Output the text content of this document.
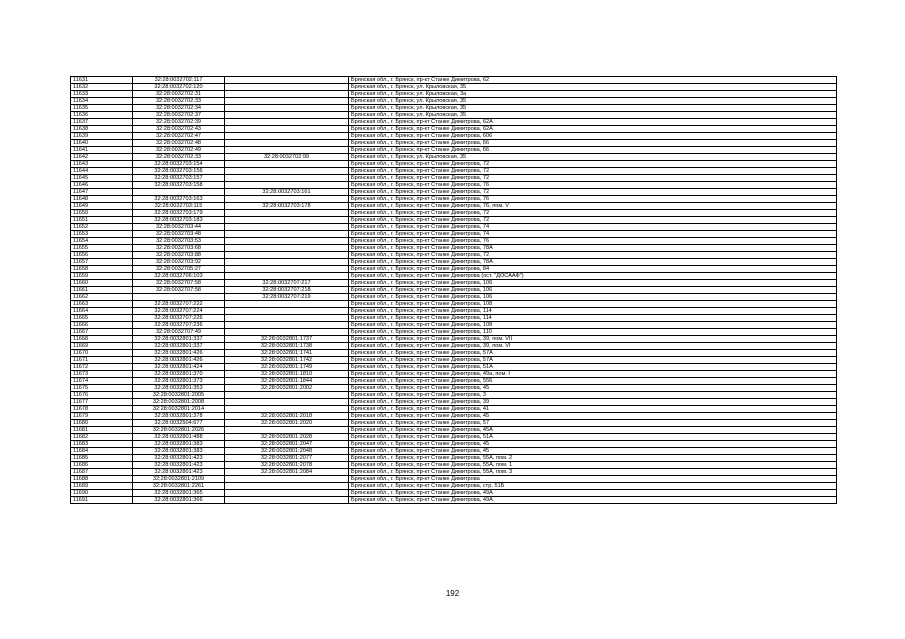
11631	32:28:0032702:117		Брянская обл., г. Брянск, пр-кт Станке Димитрова, 62
11632	32:28:0032702:120		Брянская обл., г. Брянск, ул. Крыловская, 35
11633	32:28:0032702:31		Брянская обл., г. Брянск, ул. Крыловская, 3а
11634	32:28:0032702:33		Брянская обл., г. Брянск, ул. Крыловская, 35
11635	32:28:0032702:34		Брянская обл., г. Брянск, ул. Крыловская, 35
11636	32:28:0032702:37		Брянская обл., г. Брянск, ул. Крыловская, 35
11637	32:28:0032702:39		Брянская обл., г. Брянск, пр-кт Станке Димитрова, 62А
11638	32:28:0032702:43		Брянская обл., г. Брянск, пр-кт Станке Димитрова, 62А
11639	32:28:0032702:47		Брянская обл., г. Брянск, пр-кт Станке Димитрова, 606
11640	32:28:0032702:48		Брянская обл., г. Брянск, пр-кт Станке Димитрова, 66
11641	32:28:0032702:49		Брянская обл., г. Брянск, пр-кт Станке Димитрова, 66
11642	32:28:0032702:33	32:28:0032702:99	Брянская обл., г. Брянск, ул. Крыловская, 35
11643	32:28:0032703:154		Брянская обл., г. Брянск, пр-кт Станке Димитрова, 72
11644	32:28:0032703:156		Брянская обл., г. Брянск, пр-кт Станке Димитрова, 72
11645	32:28:0032703:157		Брянская обл., г. Брянск, пр-кт Станке Димитрова, 72
11646	32:28:0032703:158		Брянская обл., г. Брянск, пр-кт Станке Димитрова, 76
11647		32:28:0032703:161	Брянская обл., г. Брянск, пр-кт Станке Димитрова, 72
11648	32:28:0032703:163		Брянская обл., г. Брянск, пр-кт Станке Димитрова, 76
11649	32:28:0032703:115	32:28:0032703:178	Брянская обл., г. Брянск, пр-кт Станке Димитрова, 76, пом. V
11650	32:28:0032703:179		Брянская обл., г. Брянск, пр-кт Станке Димитрова, 72
11651	32:28:0032703:183		Брянская обл., г. Брянск, пр-кт Станке Димитрова, 72
11652	32:28:0032703:44		Брянская обл., г. Брянск, пр-кт Станке Димитрова, 74
11653	32:28:0032703:48		Брянская обл., г. Брянск, пр-кт Станке Димитрова, 74
11654	32:28:0032703:53		Брянская обл., г. Брянск, пр-кт Станке Димитрова, 76
11655	32:28:0032703:68		Брянская обл., г. Брянск, пр-кт Станке Димитрова, 78А
11656	32:28:0032703:88		Брянская обл., г. Брянск, пр-кт Станке Димитрова, 72
11657	32:28:0032703:92		Брянская обл., г. Брянск, пр-кт Станке Димитрова, 78А
11658	32:28:0032705:27		Брянская обл., г. Брянск, пр-кт Станке Димитрова, 84
11659	32:28:0032706:103		Брянская обл., г. Брянск, пр-кт Станке Димитрова (ост. "ДОСААФ")
11660	32:28:0032707:58	32:28:0032707:217	Брянская обл., г. Брянск, пр-кт Станке Димитрова, 106
11661	32:28:0032707:58	32:28:0032707:218	Брянская обл., г. Брянск, пр-кт Станке Димитрова, 106
11662		32:28:0032707:219	Брянская обл., г. Брянск, пр-кт Станке Димитрова, 106
11663	32:28:0032707:222		Брянская обл., г. Брянск, пр-кт Станке Димитрова, 108
11664	32:28:0032707:224		Брянская обл., г. Брянск, пр-кт Станке Димитрова, 114
11665	32:28:0032707:226		Брянская обл., г. Брянск, пр-кт Станке Димитрова, 114
11666	32:28:0032707:236		Брянская обл., г. Брянск, пр-кт Станке Димитрова, 108
11667	32:28:0032707:49		Брянская обл., г. Брянск, пр-кт Станке Димитрова, 110
11668	32:28:0032801:337	32:28:0032801:1737	Брянская обл., г. Брянск, пр-кт Станке Димитрова, 39, пом. VII
11669	32:28:0032801:337	32:28:0032801:1738	Брянская обл., г. Брянск, пр-кт Станке Димитрова, 39, пом. VI
11670	32:28:0032801:426	32:28:0032801:1741	Брянская обл., г. Брянск, пр-кт Станке Димитрова, 57А
11671	32:28:0032801:426	32:28:0032801:1742	Брянская обл., г. Брянск, пр-кт Станке Димитрова, 57А
11672	32:28:0032801:424	32:28:0032801:1749	Брянская обл., г. Брянск, пр-кт Станке Димитрова, 51А
11673	32:28:0032801:370	32:28:0032801:1810	Брянская обл., г. Брянск, пр-кт Станке Димитрова, 49а, пом. I
11674	32:28:0032801:373	32:28:0032801:1844	Брянская обл., г. Брянск, пр-кт Станке Димитрова, 556
11675	32:28:0032801:353	32:28:0032801:2002	Брянская обл., г. Брянск, пр-кт Станке Димитрова, 45
11676	32:28:0032801:2005		Брянская обл., г. Брянск, пр-кт Станке Димитрова, 3
11677	32:28:0032801:2008		Брянская обл., г. Брянск, пр-кт Станке Димитрова, 39
11678	32:28:0032801:2014		Брянская обл., г. Брянск, пр-кт Станке Димитрова, 41
11679	32:28:0032801:378	32:28:0032801:2018	Брянская обл., г. Брянск, пр-кт Станке Димитрова, 45
11680	32:28:0032504:677	32:28:0032801:2020	Брянская обл., г. Брянск, пр-кт Станке Димитрова, 57
11681	32:28:0032801:2026		Брянская обл., г. Брянск, пр-кт Станке Димитрова, 45А
11682	32:28:0032801:488	32:28:0032801:2028	Брянская обл., г. Брянск, пр-кт Станке Димитрова, 51А
11683	32:28:0032801:383	32:28:0032801:2047	Брянская обл., г. Брянск, пр-кт Станке Димитрова, 45
11684	32:28:0032801:383	32:28:0032801:2048	Брянская обл., г. Брянск, пр-кт Станке Димитрова, 45
11685	32:28:0032801:423	32:28:0032801:2077	Брянская обл., г. Брянск, пр-кт Станке Димитрова, 55А, пом. 2
11686	32:28:0032801:423	32:28:0032801:2078	Брянская обл., г. Брянск, пр-кт Станке Димитрова, 55А, пом. 1
11687	32:28:0032801:423	32:28:0032801:2084	Брянская обл., г. Брянск, пр-кт Станке Димитрова, 55А, пом. 3
11688	32:28:0032801:2109		Брянская обл., г. Брянск, пр-кт Станке Димитрова
11689	32:28:0032801:2261		Брянская обл., г. Брянск, пр-кт Станке Димитрова, стр. 51Б
11690	32:28:0032801:365		Брянская обл., г. Брянск, пр-кт Станке Димитрова, 49А
11691	32:28:0032801:366		Брянская обл., г. Брянск, пр-кт Станке Димитрова, 49А
192
